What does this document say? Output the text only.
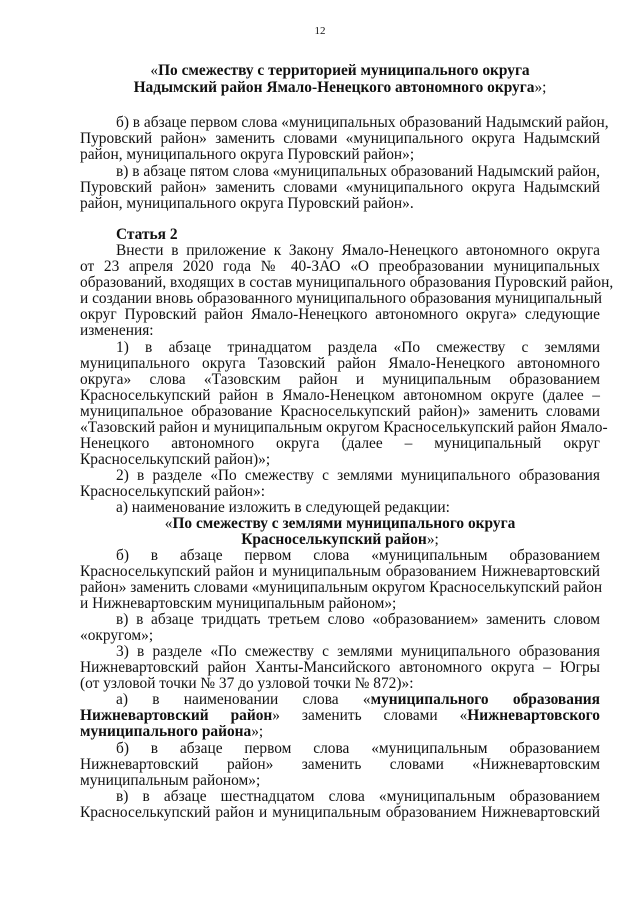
12
«По смежеству с территорией муниципального округа
Надымский район Ямало-Ненецкого автономного округа»;
б) в абзаце первом слова «муниципальных образований Надымский район,
Пуровский район» заменить словами «муниципального округа Надымский
район, муниципального округа Пуровский район»;
в) в абзаце пятом слова «муниципальных образований Надымский район,
Пуровский район» заменить словами «муниципального округа Надымский
район, муниципального округа Пуровский район».
Статья 2
Внести в приложение к Закону Ямало-Ненецкого автономного округа
от 23 апреля 2020 года № 40-ЗАО «О преобразовании муниципальных
образований, входящих в состав муниципального образования Пуровский район,
и создании вновь образованного муниципального образования муниципальный
округ Пуровский район Ямало-Ненецкого автономного округа» следующие
изменения:
1) в абзаце тринадцатом раздела «По смежеству с землями
муниципального округа Тазовский район Ямало-Ненецкого автономного
округа» слова «Тазовским район и муниципальным образованием
Красноселькупский район в Ямало-Ненецком автономном округе (далее –
муниципальное образование Красноселькупский район)» заменить словами
«Тазовский район и муниципальным округом Красноселькупский район Ямало-
Ненецкого автономного округа (далее – муниципальный округ
Красноселькупский район)»;
2) в разделе «По смежеству с землями муниципального образования
Красноселькупский район»:
а) наименование изложить в следующей редакции:
«По смежеству с землями муниципального округа
Красноселькупский район»;
б) в абзаце первом слова «муниципальным образованием
Красноселькупский район и муниципальным образованием Нижневартовский
район» заменить словами «муниципальным округом Красноселькупский район
и Нижневартовским муниципальным районом»;
в) в абзаце тридцать третьем слово «образованием» заменить словом
«округом»;
3) в разделе «По смежеству с землями муниципального образования
Нижневартовский район Ханты-Мансийского автономного округа – Югры
(от узловой точки № 37 до узловой точки № 872)»:
а) в наименовании слова «муниципального образования
Нижневартовский район» заменить словами «Нижневартовского
муниципального района»;
б) в абзаце первом слова «муниципальным образованием
Нижневартовский район» заменить словами «Нижневартовским
муниципальным районом»;
в) в абзаце шестнадцатом слова «муниципальным образованием
Красноселькупский район и муниципальным образованием Нижневартовский
